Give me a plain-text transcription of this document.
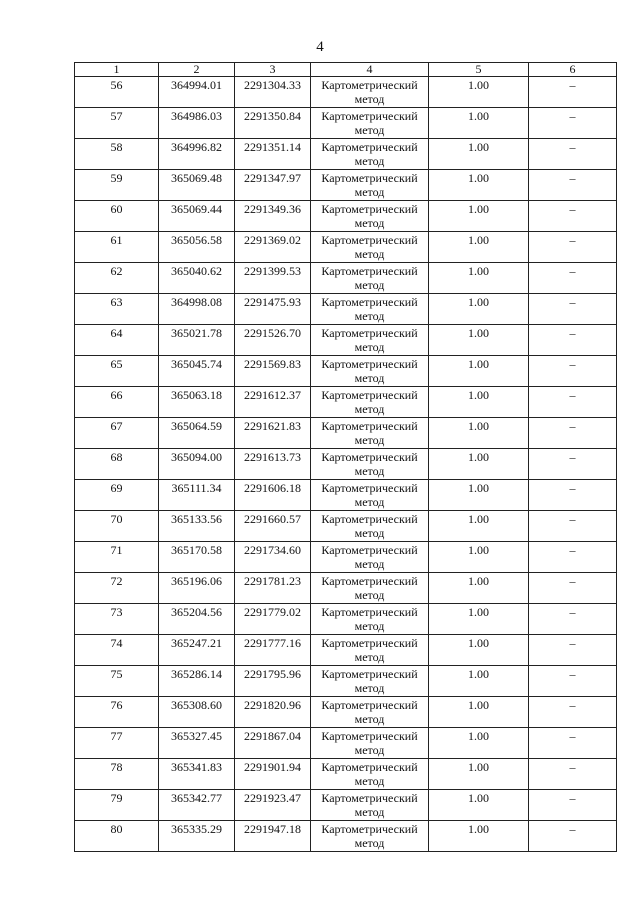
4
1	2	3	4	5	6
56	364994.01	2291304.33	Картометрический метод	1.00	–
57	364986.03	2291350.84	Картометрический метод	1.00	–
58	364996.82	2291351.14	Картометрический метод	1.00	–
59	365069.48	2291347.97	Картометрический метод	1.00	–
60	365069.44	2291349.36	Картометрический метод	1.00	–
61	365056.58	2291369.02	Картометрический метод	1.00	–
62	365040.62	2291399.53	Картометрический метод	1.00	–
63	364998.08	2291475.93	Картометрический метод	1.00	–
64	365021.78	2291526.70	Картометрический метод	1.00	–
65	365045.74	2291569.83	Картометрический метод	1.00	–
66	365063.18	2291612.37	Картометрический метод	1.00	–
67	365064.59	2291621.83	Картометрический метод	1.00	–
68	365094.00	2291613.73	Картометрический метод	1.00	–
69	365111.34	2291606.18	Картометрический метод	1.00	–
70	365133.56	2291660.57	Картометрический метод	1.00	–
71	365170.58	2291734.60	Картометрический метод	1.00	–
72	365196.06	2291781.23	Картометрический метод	1.00	–
73	365204.56	2291779.02	Картометрический метод	1.00	–
74	365247.21	2291777.16	Картометрический метод	1.00	–
75	365286.14	2291795.96	Картометрический метод	1.00	–
76	365308.60	2291820.96	Картометрический метод	1.00	–
77	365327.45	2291867.04	Картометрический метод	1.00	–
78	365341.83	2291901.94	Картометрический метод	1.00	–
79	365342.77	2291923.47	Картометрический метод	1.00	–
80	365335.29	2291947.18	Картометрический метод	1.00	–
